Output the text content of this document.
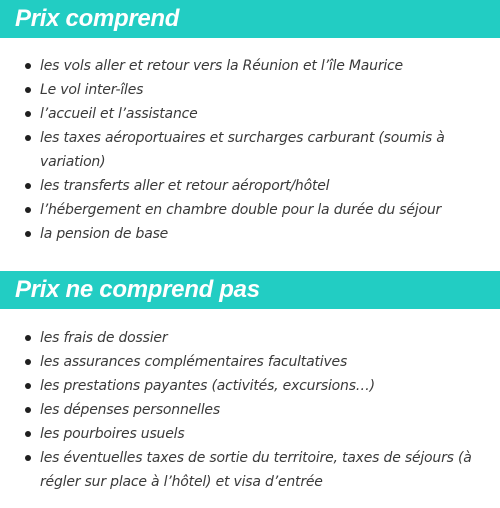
Prix comprend
les vols aller et retour vers la Réunion et l’île Maurice
Le vol inter-îles
l’accueil et l’assistance
les taxes aéroportuaires et surcharges carburant (soumis à variation)
les transferts aller et retour aéroport/hôtel
l’hébergement en chambre double pour la durée du séjour
la pension de base
Prix ne comprend pas
les frais de dossier
les assurances complémentaires facultatives
les prestations payantes (activités, excursions…)
les dépenses personnelles
les pourboires usuels
les éventuelles taxes de sortie du territoire, taxes de séjours (à régler sur place à l’hôtel) et visa d’entrée
